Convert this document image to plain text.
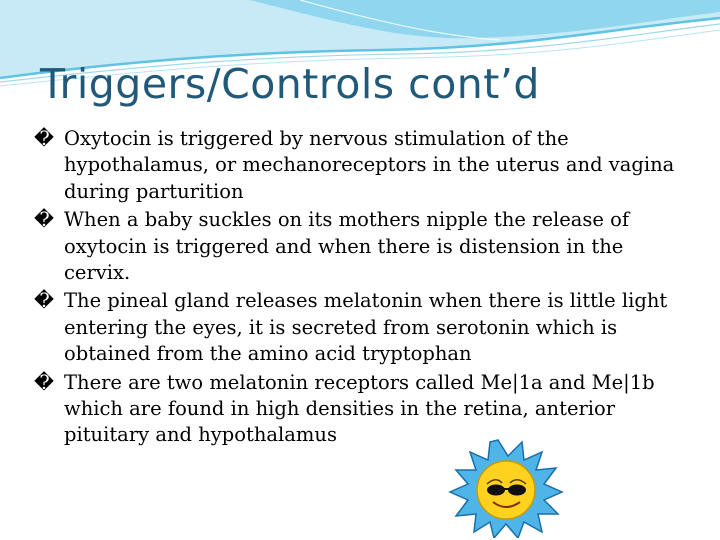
Triggers/Controls cont’d
� Oxytocin is triggered by nervous stimulation of the hypothalamus, or mechanoreceptors in the uterus and vagina during parturition
� When a baby suckles on its mothers nipple the release of oxytocin is triggered and when there is distension in the cervix.
� The pineal gland releases melatonin when there is little light entering the eyes, it is secreted from serotonin which is obtained from the amino acid tryptophan
� There are two melatonin receptors called Me|1a and Me|1b which are found in high densities in the retina, anterior pituitary and hypothalamus
